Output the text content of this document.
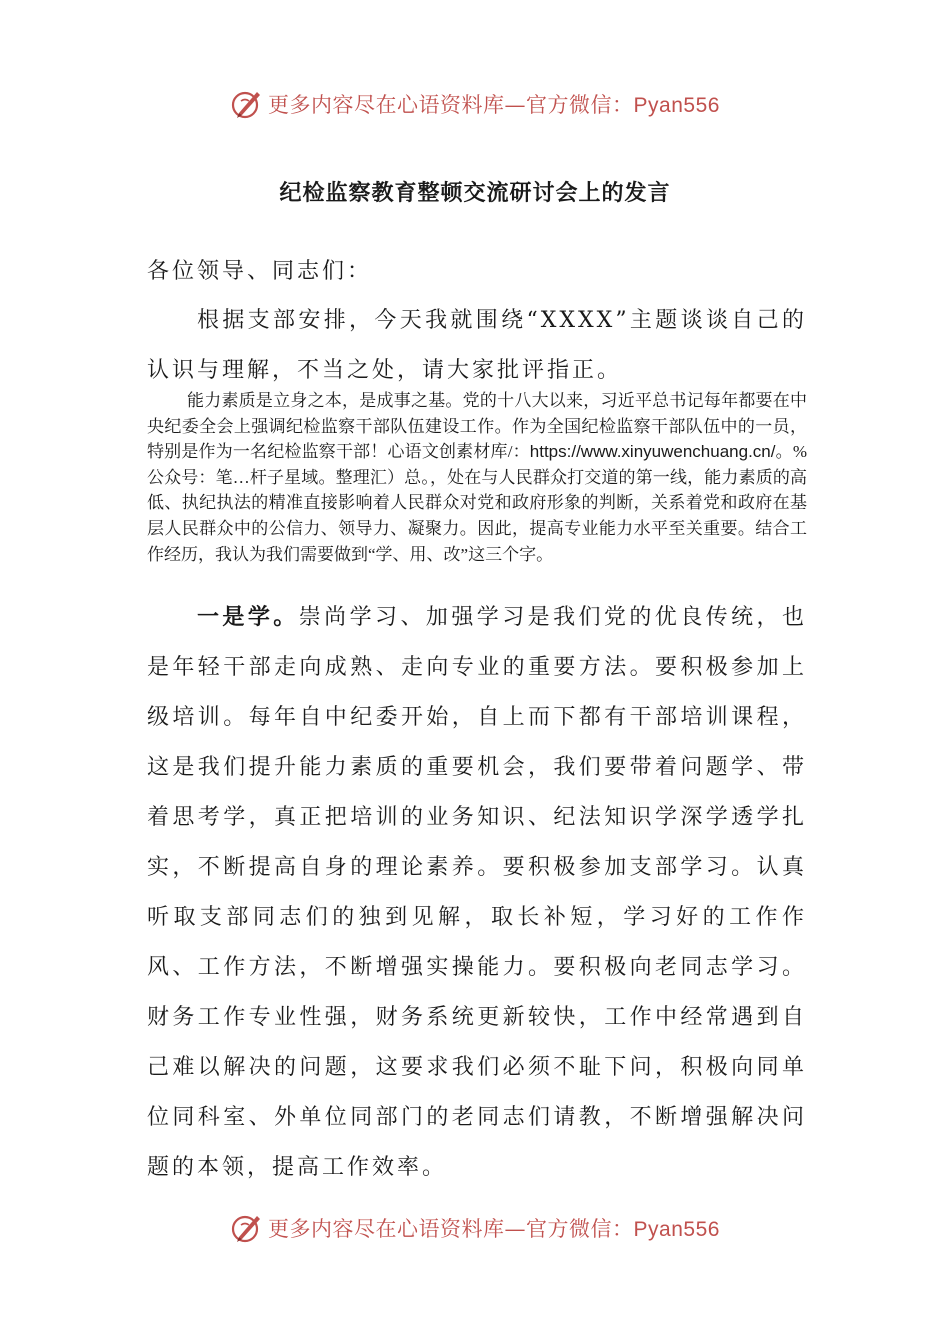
更多内容尽在心语资料库—官方微信：Pyan556
纪检监察教育整顿交流研讨会上的发言

各位领导、同志们：

根据支部安排，今天我就围绕“XXXX”主题谈谈自己的认识与理解，不当之处，请大家批评指正。

能力素质是立身之本，是成事之基。党的十八大以来，习近平总书记每年都要在中央纪委全会上强调纪检监察干部队伍建设工作。作为全国纪检监察干部队伍中的一员，特别是作为一名纪检监察干部！心语文创素材库/：https://www.xinyuwenchuang.cn/。%公众号：笔…杆子星域。整理汇）总。，处在与人民群众打交道的第一线，能力素质的高低、执纪执法的精准直接影响着人民群众对党和政府形象的判断，关系着党和政府在基层人民群众中的公信力、领导力、凝聚力。因此，提高专业能力水平至关重要。结合工作经历，我认为我们需要做到“学、用、改”这三个字。

一是学。崇尚学习、加强学习是我们党的优良传统，也是年轻干部走向成熟、走向专业的重要方法。要积极参加上级培训。每年自中纪委开始，自上而下都有干部培训课程，这是我们提升能力素质的重要机会，我们要带着问题学、带着思考学，真正把培训的业务知识、纪法知识学深学透学扎实，不断提高自身的理论素养。要积极参加支部学习。认真听取支部同志们的独到见解，取长补短，学习好的工作作风、工作方法，不断增强实操能力。要积极向老同志学习。财务工作专业性强，财务系统更新较快，工作中经常遇到自己难以解决的问题，这要求我们必须不耻下问，积极向同单位同科室、外单位同部门的老同志们请教，不断增强解决问题的本领，提高工作效率。

更多内容尽在心语资料库—官方微信：Pyan556
